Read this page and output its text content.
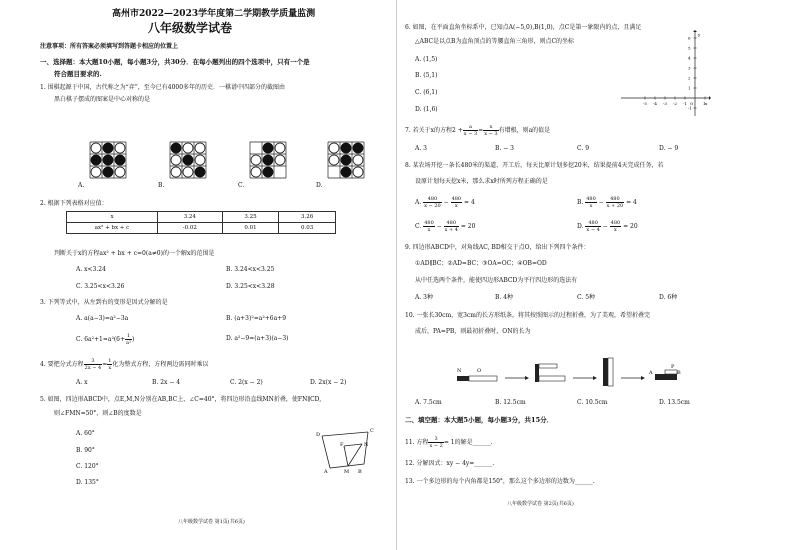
高州市2022—2023学年度第二学期教学质量监测
八年级数学试卷
注意事项：所有答案必须填写到答题卡相应的位置上
一、选择题：本大题10小题，每小题3分，共30分．在每小题列出的四个选项中，只有一个是
符合题目要求的.
1. 围棋起源于中国，古代称之为“弈”，至今已有4000多年的历史．一棋谱中四部分的截图由
黑白棋子摆成的图案是中心对称的是
A.	B.	C.	D.
2. 根据下列表格对应值：
x	3.24	3.25	3.26
ax² + bx + c	-0.02	0.01	0.03
判断关于x的方程ax² + bx + c=0(a≠0)的一个解x的范围是
A. x<3.24	B. 3.24<x<3.25
C. 3.25<x<3.26	D. 3.25<x<3.28
3. 下列等式中，从左到右的变形是因式分解的是
A. a(a−3)=a²−3a	B. (a+3)²=a²+6a+9
C. $6a^2+1=a^2(6+ \frac{1}{\text{a²}}$ )	D. a²−9=(a+3)(a−3)
4. 要把分式方程 $\frac{3}{2x - 4} = \frac{1}{x}$ 化为整式方程，方程两边需同时乘以
A. x	B. 2x − 4	C. 2(x − 2)	D. 2x(x − 2)
5. 如图，四边形ABCD中，点E,M,N分别在AB,BC上，∠C=40°，将四边形沿直线MN折叠，使FN∥CD,
则∠FMN=50°，则∠B的度数是
A. 60°
B. 90°
C. 120°
D. 135°
D
F	N
A	M B
C
八年级数学试卷 第1页(共6页)
6. 如图，在平面直角坐标系中，已知点A(−5,0),B(1,0)，点C是第一象限内的点，且满足
△ABC是以点B为直角顶点的等腰直角三角形，则点C的坐标
A. (1,5)
B. (5,1)
C. (6,1)
D. (1,6)
-5 -4 -3 -2 -1	1
6
5
4
3
2
1
-1
O	x
y
7. 若关于x的方程$2 + \frac{a}{x - 3} = \frac{x}{x - 3}$ 有增根，则a的值是
A. 3	B. − 3	C. 9	D. − 9
8. 某农场开挖一条长480米的渠道，开工后，每天比原计划多挖20米，结果提前4天完成任务，若
设原计划每天挖x米，那么求x时所列方程正确的是
A. $\frac{480}{x - 20} - \frac{480}{x} = 4$	B. $\frac{480}{x} - \frac{480}{x + 20} = 4$
C. $\frac{480}{x} - \frac{480}{x + 4} = 20$	D. $\frac{480}{x - 4} - \frac{480}{x} = 20$
9. 四边形ABCD中，对角线AC, BD相交于点O，给出下列四个条件：
①AD∥BC；②AD=BC；③OA=OC；④OB=OD
从中任选两个条件，能使四边形ABCD为平行四边形的选法有
A. 3种	B. 4种	C. 5种	D. 6种
10. 一张长30cm，宽3cm的长方形纸条，将其按照图示的过程折叠，为了美观，希望折叠完
成后，PA=PB，则最初折叠时，ON的长为
N	O	A
P
B
A. 7.5cm	B. 12.5cm	C. 10.5cm	D. 13.5cm
二、填空题：本大题5小题，每小题3分，共15分．
11. 方程 $\frac{3}{x - 2} = 1$的解是______.
12. 分解因式：xy − 4y=______.
13. 一个多边形的每个内角都是150°，那么这个多边形的边数为______.
八年级数学试卷 第2页(共6页)
